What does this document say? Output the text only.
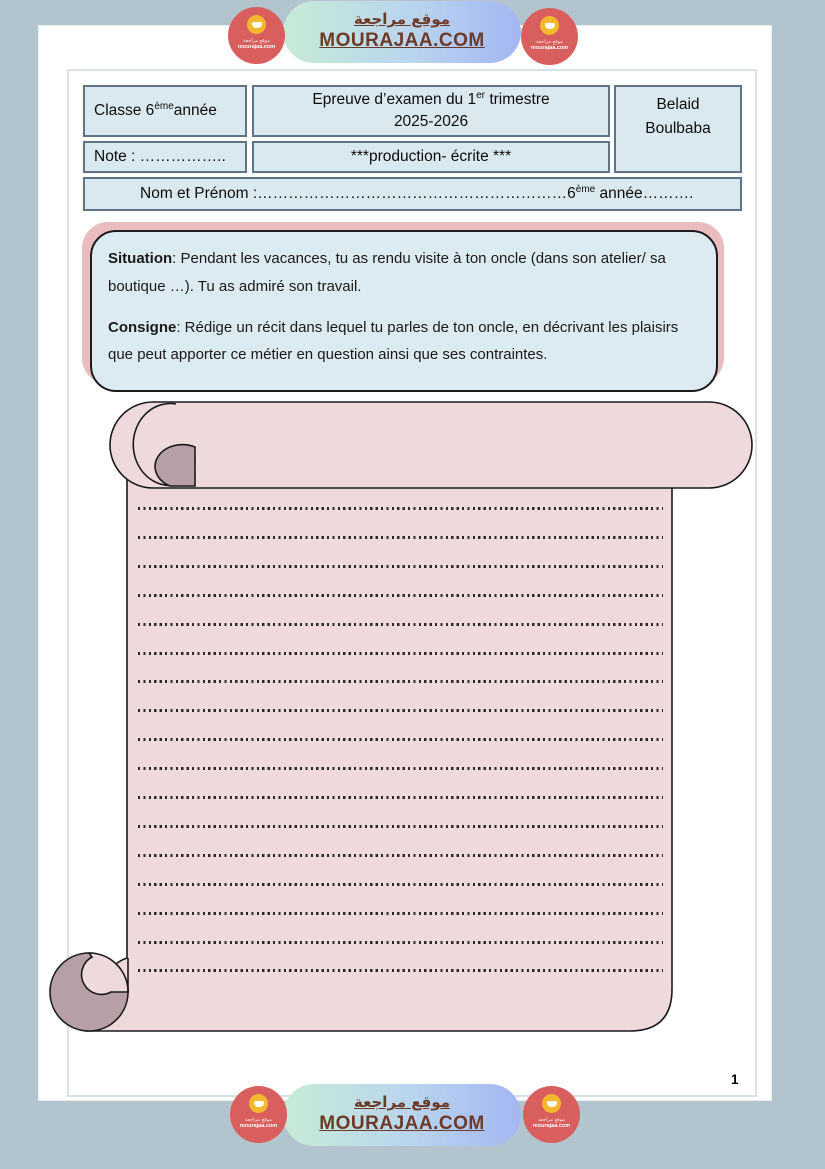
موقع مراجعة
MOURAJAA.COM
موقع مراجعة
mourajaa.com
موقع مراجعة
mourajaa.com
Classe 6èmeannée
Epreuve d’examen du 1er trimestre
2025-2026
Belaid
Boulbaba
Note : ……………..	***production- écrite ***
Nom et Prénom :……………………………………………………6ème année……….

Situation: Pendant les vacances, tu as rendu visite à ton oncle (dans son atelier/ sa boutique …). Tu as admiré son travail.

Consigne: Rédige un récit dans lequel tu parles de ton oncle, en décrivant les plaisirs que peut apporter ce métier en question ainsi que ses contraintes.

1
موقع مراجعة
MOURAJAA.COM
موقع مراجعة
mourajaa.com
موقع مراجعة
mourajaa.com
